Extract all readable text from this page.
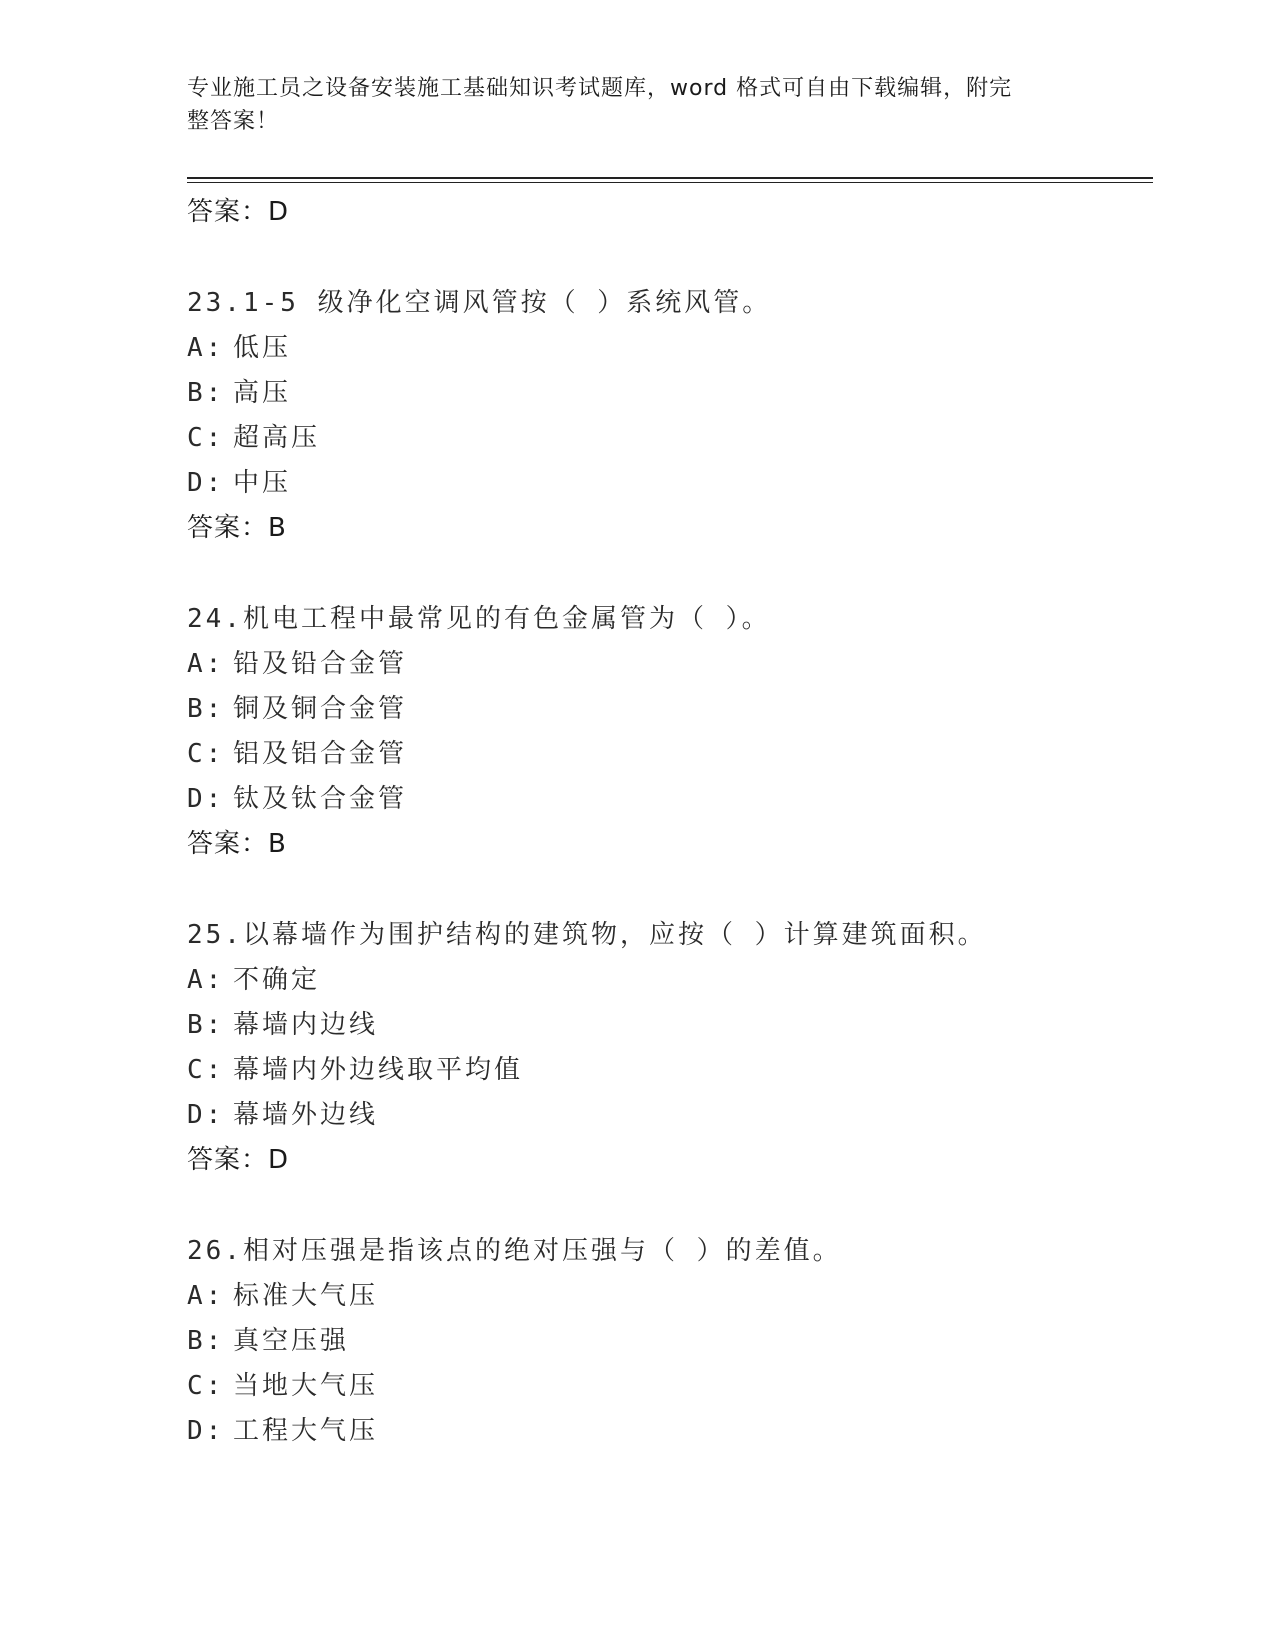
专业施工员之设备安装施工基础知识考试题库，word 格式可自由下载编辑，附完
整答案！
答案：D
23.1-5 级净化空调风管按（ ）系统风管。
A: 低压
B: 高压
C: 超高压
D: 中压
答案：B
24.机电工程中最常见的有色金属管为（ ）。
A: 铅及铅合金管
B: 铜及铜合金管
C: 铝及铝合金管
D: 钛及钛合金管
答案：B
25.以幕墙作为围护结构的建筑物，应按（ ）计算建筑面积。
A: 不确定
B: 幕墙内边线
C: 幕墙内外边线取平均值
D: 幕墙外边线
答案：D
26.相对压强是指该点的绝对压强与（ ）的差值。
A: 标准大气压
B: 真空压强
C: 当地大气压
D: 工程大气压
